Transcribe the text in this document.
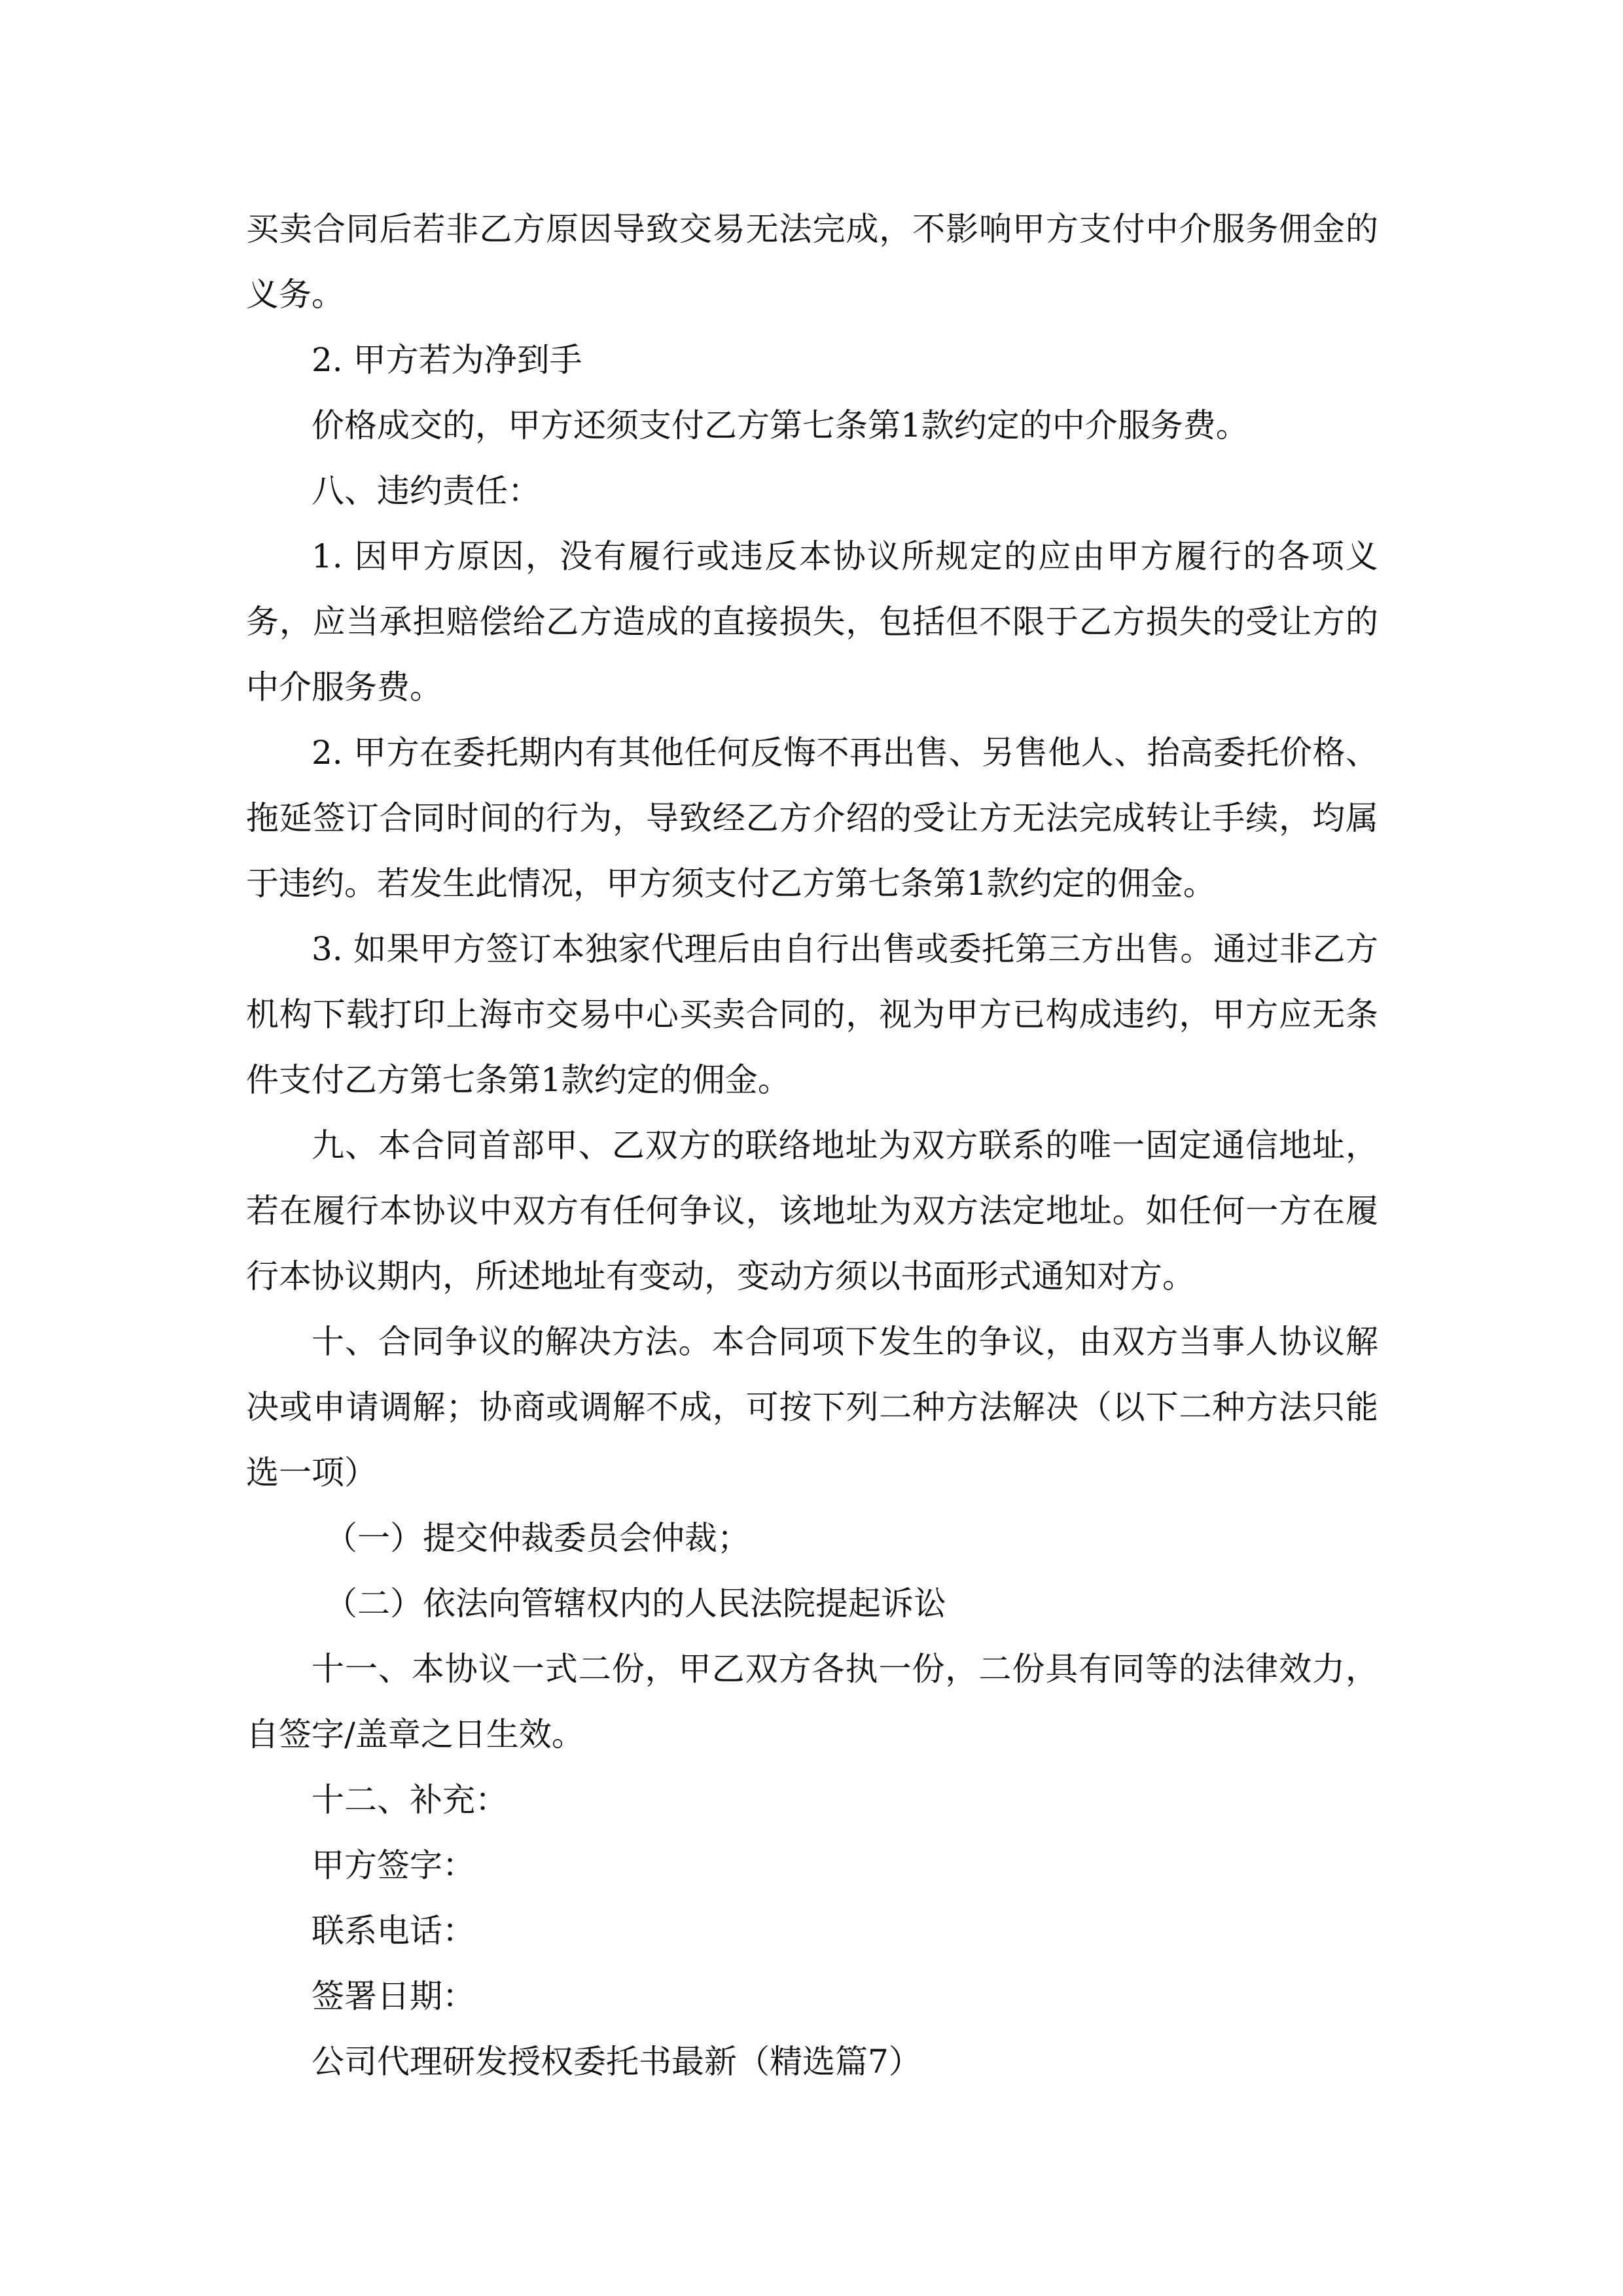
买卖合同后若非乙方原因导致交易无法完成，不影响甲方支付中介服务佣金的义务。

2. 甲方若为净到手

价格成交的，甲方还须支付乙方第七条第1款约定的中介服务费。

八、违约责任：

1. 因甲方原因，没有履行或违反本协议所规定的应由甲方履行的各项义务，应当承担赔偿给乙方造成的直接损失，包括但不限于乙方损失的受让方的中介服务费。

2. 甲方在委托期内有其他任何反悔不再出售、另售他人、抬高委托价格、拖延签订合同时间的行为，导致经乙方介绍的受让方无法完成转让手续，均属于违约。若发生此情况，甲方须支付乙方第七条第1款约定的佣金。

3. 如果甲方签订本独家代理后由自行出售或委托第三方出售。通过非乙方机构下载打印上海市交易中心买卖合同的，视为甲方已构成违约，甲方应无条件支付乙方第七条第1款约定的佣金。

九、本合同首部甲、乙双方的联络地址为双方联系的唯一固定通信地址，若在履行本协议中双方有任何争议，该地址为双方法定地址。如任何一方在履行本协议期内，所述地址有变动，变动方须以书面形式通知对方。

十、合同争议的解决方法。本合同项下发生的争议，由双方当事人协议解决或申请调解；协商或调解不成，可按下列二种方法解决（以下二种方法只能选一项）

（一）提交仲裁委员会仲裁；

（二）依法向管辖权内的人民法院提起诉讼

十一、本协议一式二份，甲乙双方各执一份，二份具有同等的法律效力，自签字/盖章之日生效。

十二、补充：

甲方签字：

联系电话：

签署日期：

公司代理研发授权委托书最新（精选篇7）
